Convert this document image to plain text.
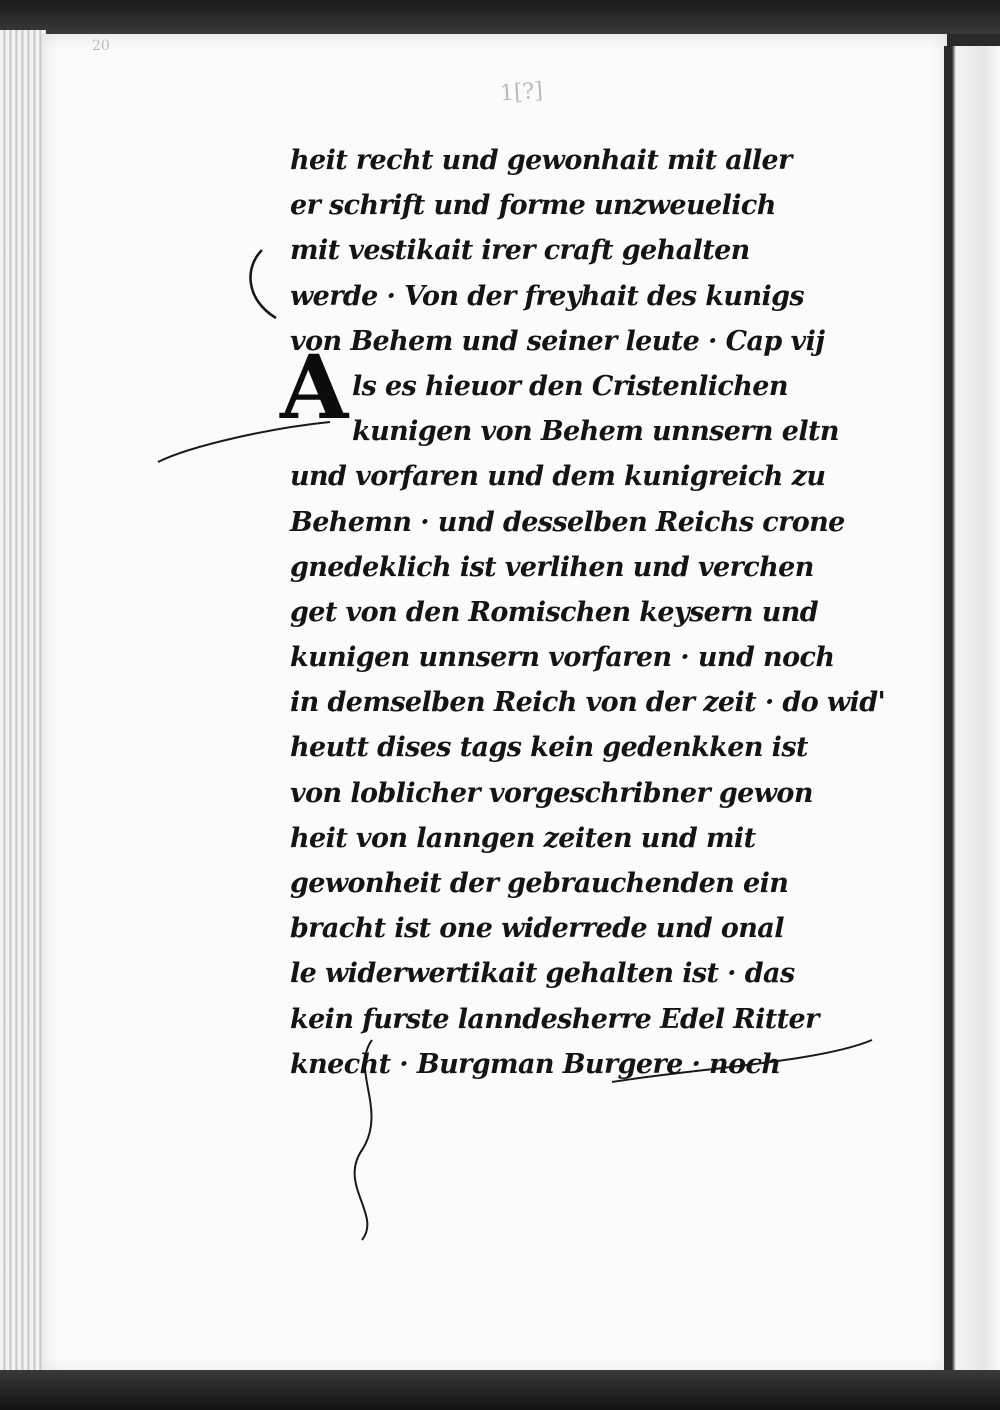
20
1[?]
A
heit recht und gewonhait mit aller
er schrift und forme unzweuelich
mit vestikait irer craft gehalten
werde · Von der freyhait des kunigs
von Behem und seiner leute · Cap vij
ls es hieuor den Cristenlichen
kunigen von Behem unnsern eltn
und vorfaren und dem kunigreich zu
Behemn · und desselben Reichs crone
gnedeklich ist verlihen und verchen
get von den Romischen keysern und
kunigen unnsern vorfaren · und noch
in demselben Reich von der zeit · do wid'
heutt dises tags kein gedenkken ist
von loblicher vorgeschribner gewon
heit von lanngen zeiten und mit
gewonheit der gebrauchenden ein
bracht ist one widerrede und onal
le widerwertikait gehalten ist · das
kein furste lanndesherre Edel Ritter
knecht · Burgman Burgere · noch
